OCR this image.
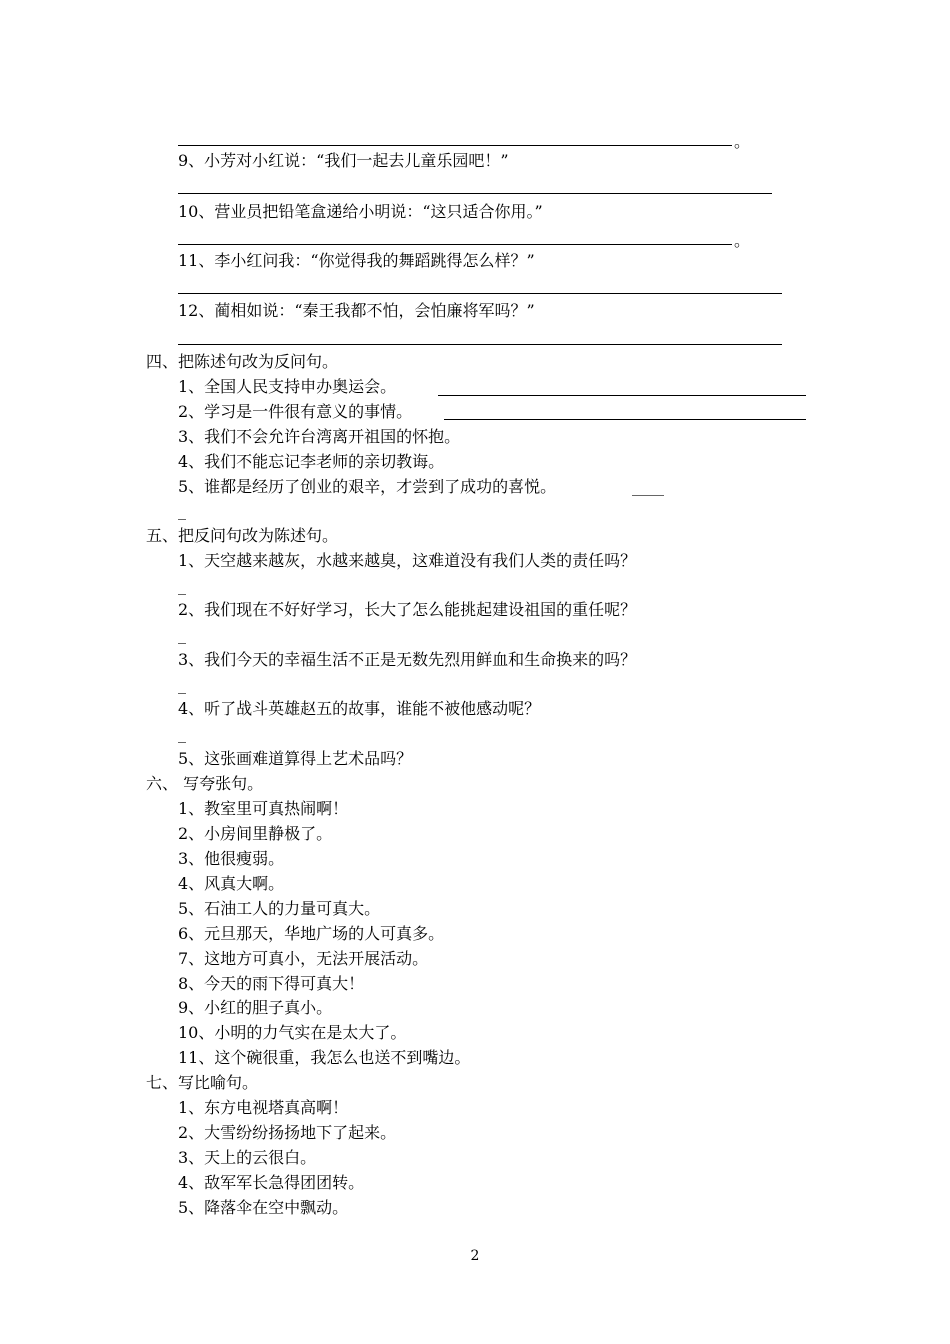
。
9、小芳对小红说：“我们一起去儿童乐园吧！”
10、营业员把铅笔盒递给小明说：“这只适合你用。”
。
11、李小红问我：“你觉得我的舞蹈跳得怎么样？”
12、蔺相如说：“秦王我都不怕，会怕廉将军吗？”
四、把陈述句改为反问句。
1、全国人民支持申办奥运会。
2、学习是一件很有意义的事情。
3、我们不会允许台湾离开祖国的怀抱。
4、我们不能忘记李老师的亲切教诲。
5、谁都是经历了创业的艰辛，才尝到了成功的喜悦。	____
_
五、把反问句改为陈述句。
1、天空越来越灰，水越来越臭，这难道没有我们人类的责任吗？
_
2、我们现在不好好学习，长大了怎么能挑起建设祖国的重任呢？
_
3、我们今天的幸福生活不正是无数先烈用鲜血和生命换来的吗？
_
4、听了战斗英雄赵五的故事，谁能不被他感动呢？
_
5、这张画难道算得上艺术品吗？
六、 写夸张句。
1、教室里可真热闹啊！
2、小房间里静极了。
3、他很瘦弱。
4、风真大啊。
5、石油工人的力量可真大。
6、元旦那天，华地广场的人可真多。
7、这地方可真小，无法开展活动。
8、今天的雨下得可真大！
9、小红的胆子真小。
10、小明的力气实在是太大了。
11、这个碗很重，我怎么也送不到嘴边。
七、写比喻句。
1、东方电视塔真高啊！
2、大雪纷纷扬扬地下了起来。
3、天上的云很白。
4、敌军军长急得团团转。
5、降落伞在空中飘动。
2
